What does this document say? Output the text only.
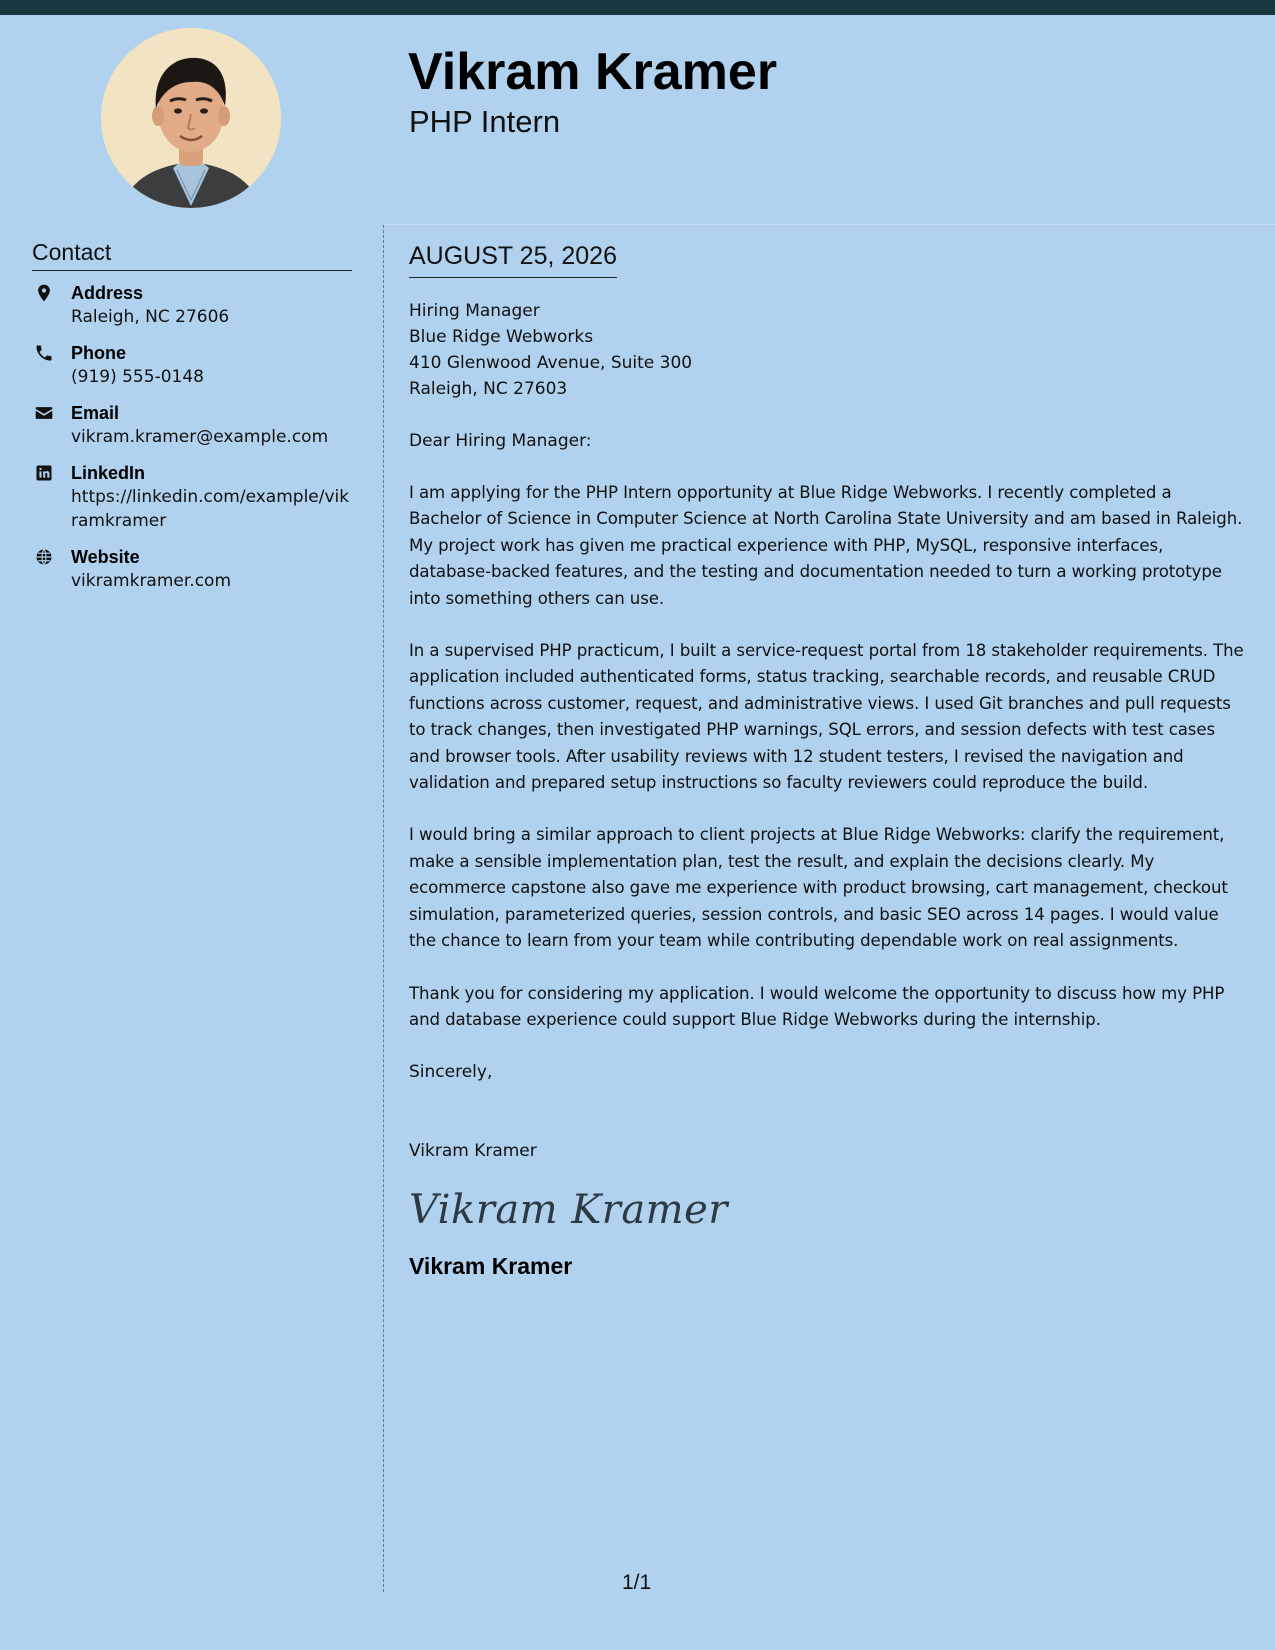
Vikram Kramer
PHP Intern
Contact
Address
Raleigh, NC 27606
Phone
(919) 555-0148
Email
vikram.kramer@example.com
LinkedIn
https://linkedin.com/example/vikramkramer
Website
vikramkramer.com
AUGUST 25, 2026

Hiring Manager

Blue Ridge Webworks

410 Glenwood Avenue, Suite 300

Raleigh, NC 27603

Dear Hiring Manager:

I am applying for the PHP Intern opportunity at Blue Ridge Webworks. I recently completed a Bachelor of Science in Computer Science at North Carolina State University and am based in Raleigh. My project work has given me practical experience with PHP, MySQL, responsive interfaces, database-backed features, and the testing and documentation needed to turn a working prototype into something others can use.

In a supervised PHP practicum, I built a service-request portal from 18 stakeholder requirements. The application included authenticated forms, status tracking, searchable records, and reusable CRUD functions across customer, request, and administrative views. I used Git branches and pull requests to track changes, then investigated PHP warnings, SQL errors, and session defects with test cases and browser tools. After usability reviews with 12 student testers, I revised the navigation and validation and prepared setup instructions so faculty reviewers could reproduce the build.

I would bring a similar approach to client projects at Blue Ridge Webworks: clarify the requirement, make a sensible implementation plan, test the result, and explain the decisions clearly. My ecommerce capstone also gave me experience with product browsing, cart management, checkout simulation, parameterized queries, session controls, and basic SEO across 14 pages. I would value the chance to learn from your team while contributing dependable work on real assignments.

Thank you for considering my application. I would welcome the opportunity to discuss how my PHP and database experience could support Blue Ridge Webworks during the internship.

Sincerely,

Vikram Kramer

Vikram Kramer
Vikram Kramer
1/1
